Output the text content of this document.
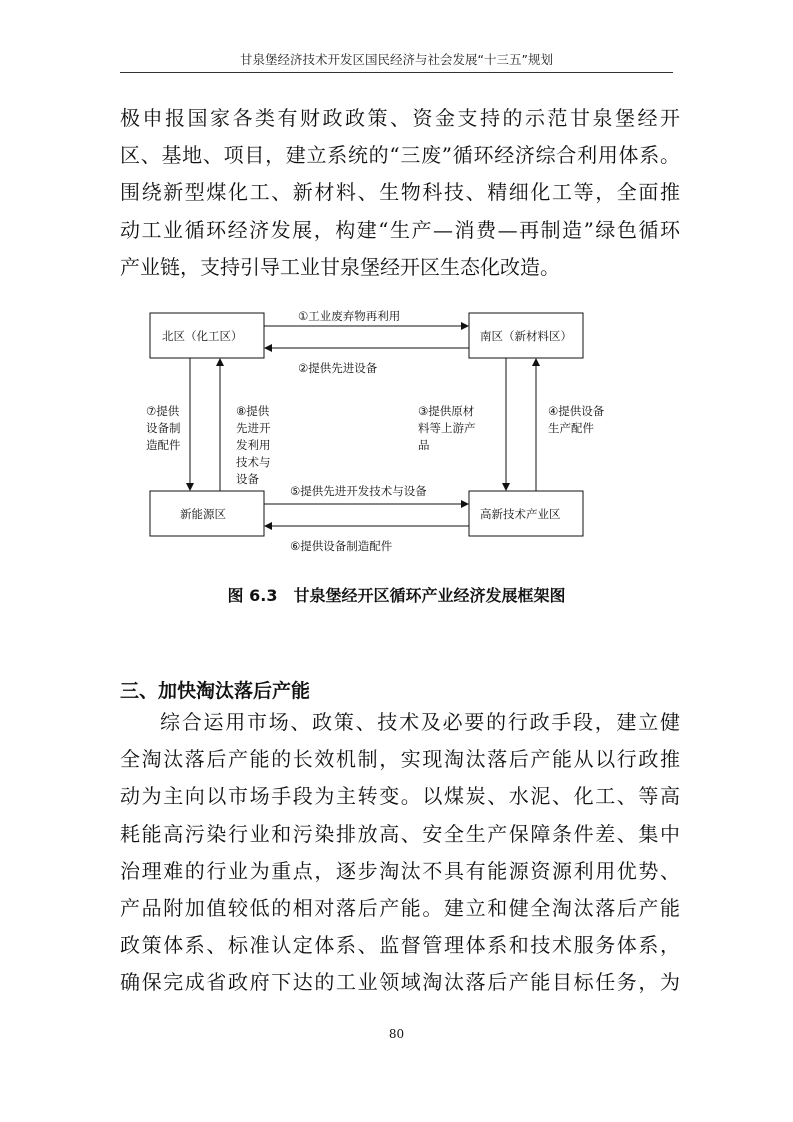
甘泉堡经济技术开发区国民经济与社会发展“十三五”规划
极申报国家各类有财政政策、资金支持的示范甘泉堡经开
区、基地、项目，建立系统的“三废”循环经济综合利用体系。
围绕新型煤化工、新材料、生物科技、精细化工等，全面推
动工业循环经济发展，构建“生产—消费—再制造”绿色循环
产业链，支持引导工业甘泉堡经开区生态化改造。
北区（化工区）	南区（新材料区）
新能源区	高新技术产业区
①工业废弃物再利用
②提供先进设备
⑤提供先进开发技术与设备
⑥提供设备制造配件
⑦提供 设备制 造配件
⑧提供 先进开 发利用 技术与 设备
③提供原材 料等上游产 品
④提供设备 生产配件
图 6.3　甘泉堡经开区循环产业经济发展框架图
三、加快淘汰落后产能
综合运用市场、政策、技术及必要的行政手段，建立健
全淘汰落后产能的长效机制，实现淘汰落后产能从以行政推
动为主向以市场手段为主转变。以煤炭、水泥、化工、等高
耗能高污染行业和污染排放高、安全生产保障条件差、集中
治理难的行业为重点，逐步淘汰不具有能源资源利用优势、
产品附加值较低的相对落后产能。建立和健全淘汰落后产能
政策体系、标准认定体系、监督管理体系和技术服务体系，
确保完成省政府下达的工业领域淘汰落后产能目标任务，为
80
